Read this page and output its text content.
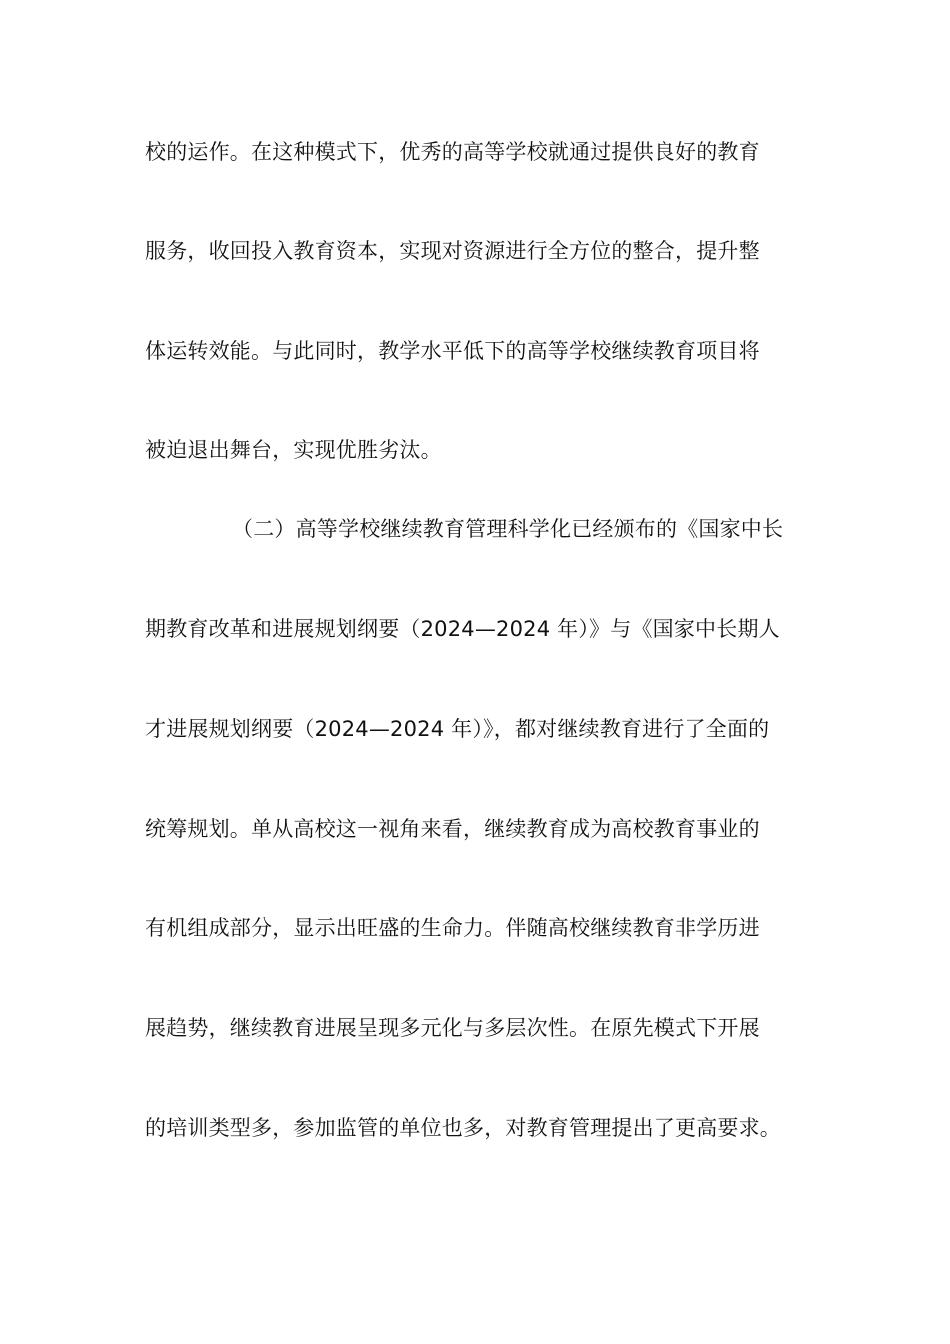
校的运作。在这种模式下，优秀的高等学校就通过提供良好的教育

服务，收回投入教育资本，实现对资源进行全方位的整合，提升整

体运转效能。与此同时，教学水平低下的高等学校继续教育项目将

被迫退出舞台，实现优胜劣汰。

（二）高等学校继续教育管理科学化已经颁布的《国家中长

期教育改革和进展规划纲要（2024—2024 年）》与《国家中长期人

才进展规划纲要（2024—2024 年）》，都对继续教育进行了全面的

统筹规划。单从高校这一视角来看，继续教育成为高校教育事业的

有机组成部分，显示出旺盛的生命力。伴随高校继续教育非学历进

展趋势，继续教育进展呈现多元化与多层次性。在原先模式下开展

的培训类型多，参加监管的单位也多，对教育管理提出了更高要求。
